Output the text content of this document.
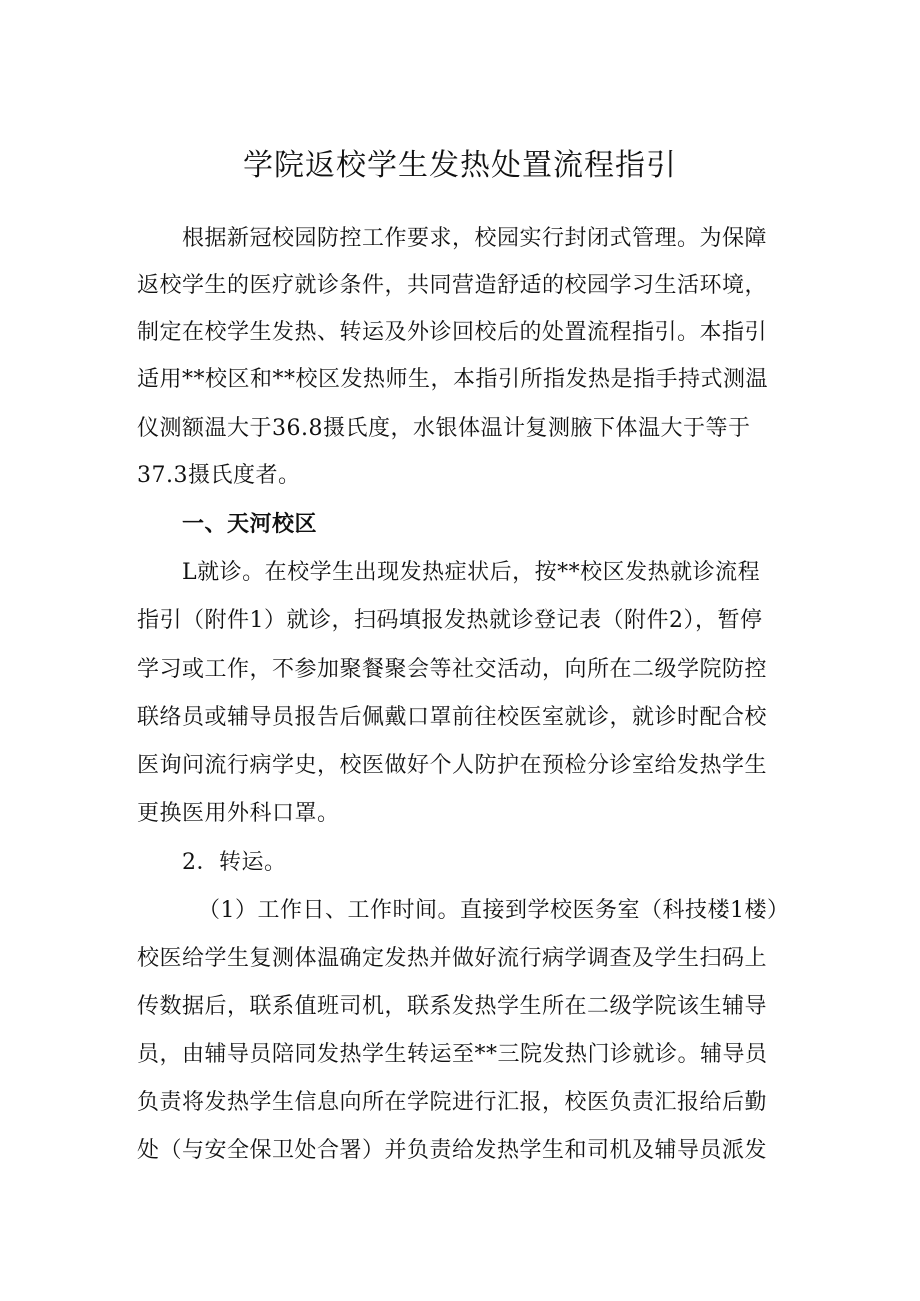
学院返校学生发热处置流程指引
根据新冠校园防控工作要求，校园实行封闭式管理。为保障
返校学生的医疗就诊条件，共同营造舒适的校园学习生活环境，
制定在校学生发热、转运及外诊回校后的处置流程指引。本指引
适用**校区和**校区发热师生，本指引所指发热是指手持式测温
仪测额温大于36.8摄氏度，水银体温计复测腋下体温大于等于
37.3摄氏度者。
一、天河校区
L就诊。在校学生出现发热症状后，按**校区发热就诊流程
指引（附件1）就诊，扫码填报发热就诊登记表（附件2），暂停
学习或工作，不参加聚餐聚会等社交活动，向所在二级学院防控
联络员或辅导员报告后佩戴口罩前往校医室就诊，就诊时配合校
医询问流行病学史，校医做好个人防护在预检分诊室给发热学生
更换医用外科口罩。
2．转运。
（1）工作日、工作时间。直接到学校医务室（科技楼1楼）
校医给学生复测体温确定发热并做好流行病学调查及学生扫码上
传数据后，联系值班司机，联系发热学生所在二级学院该生辅导
员，由辅导员陪同发热学生转运至**三院发热门诊就诊。辅导员
负责将发热学生信息向所在学院进行汇报，校医负责汇报给后勤
处（与安全保卫处合署）并负责给发热学生和司机及辅导员派发
